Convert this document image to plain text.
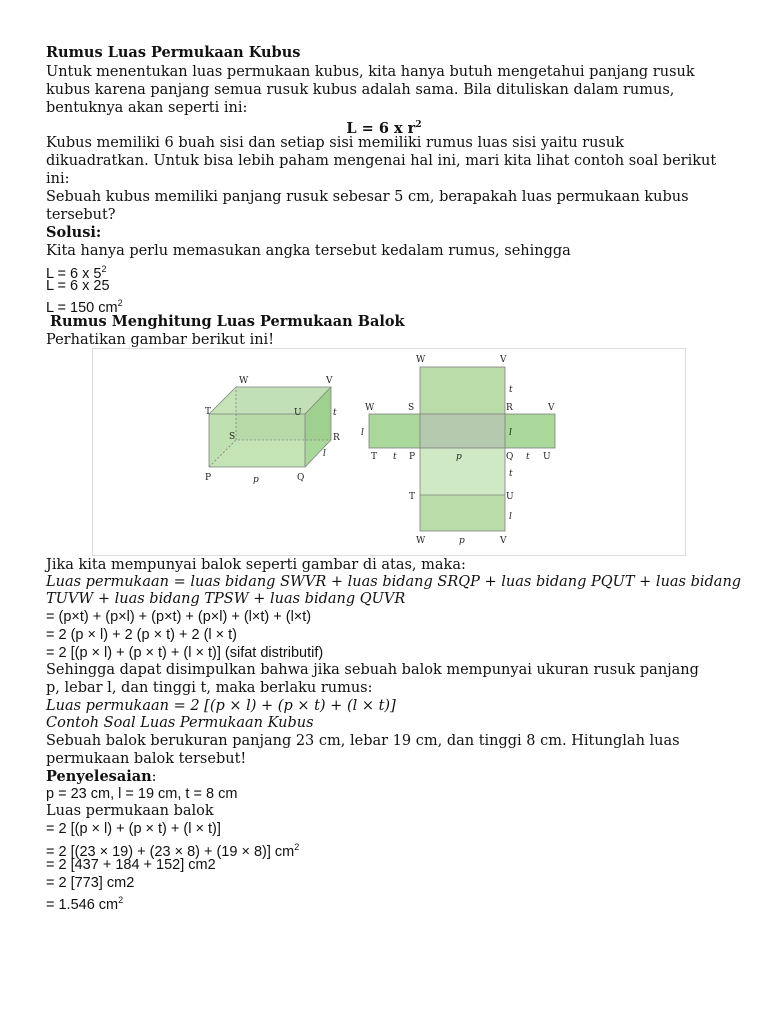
Rumus Luas Permukaan Kubus
Untuk menentukan luas permukaan kubus, kita hanya butuh mengetahui panjang rusuk
kubus karena panjang semua rusuk kubus adalah sama. Bila dituliskan dalam rumus,
bentuknya akan seperti ini:
L = 6 x $r^2$
Kubus memiliki 6 buah sisi dan setiap sisi memiliki rumus luas sisi yaitu rusuk
dikuadratkan. Untuk bisa lebih paham mengenai hal ini, mari kita lihat contoh soal berikut
ini:
Sebuah kubus memiliki panjang rusuk sebesar 5 cm, berapakah luas permukaan kubus
tersebut?
Solusi:
Kita hanya perlu memasukan angka tersebut kedalam rumus, sehingga
L = 6 x $5^2$
L = 6 x 25
L = 150 $cm^2$
Rumus Menghitung Luas Permukaan Balok
Perhatikan gambar berikut ini!
W	V
T	U	t
S	R
l
P	Q
p
W	V
t
W	S	R	V
l	l
T t P	p	Q t U
t
T	U
l
W	p	V
Jika kita mempunyai balok seperti gambar di atas, maka:
Luas permukaan = luas bidang SWVR + luas bidang SRQP + luas bidang PQUT + luas bidang
TUVW + luas bidang TPSW + luas bidang QUVR
= (p×t) + (p×l) + (p×t) + (p×l) + (l×t) + (l×t)
= 2 (p × l) + 2 (p × t) + 2 (l × t)
= 2 [(p × l) + (p × t) + (l × t)] (sifat distributif)
Sehingga dapat disimpulkan bahwa jika sebuah balok mempunyai ukuran rusuk panjang
p, lebar l, dan tinggi t, maka berlaku rumus:
Luas permukaan = 2 [(p × l) + (p × t) + (l × t)]
Contoh Soal Luas Permukaan Kubus
Sebuah balok berukuran panjang 23 cm, lebar 19 cm, dan tinggi 8 cm. Hitunglah luas
permukaan balok tersebut!
Penyelesaian:
p = 23 cm, l = 19 cm, t = 8 cm
Luas permukaan balok
= 2 [(p × l) + (p × t) + (l × t)]
= 2 [(23 × 19) + (23 × 8) + (19 × 8)] $cm^2$
= 2 [437 + 184 + 152] cm2
= 2 [773] cm2
= 1.546 $cm^2$
